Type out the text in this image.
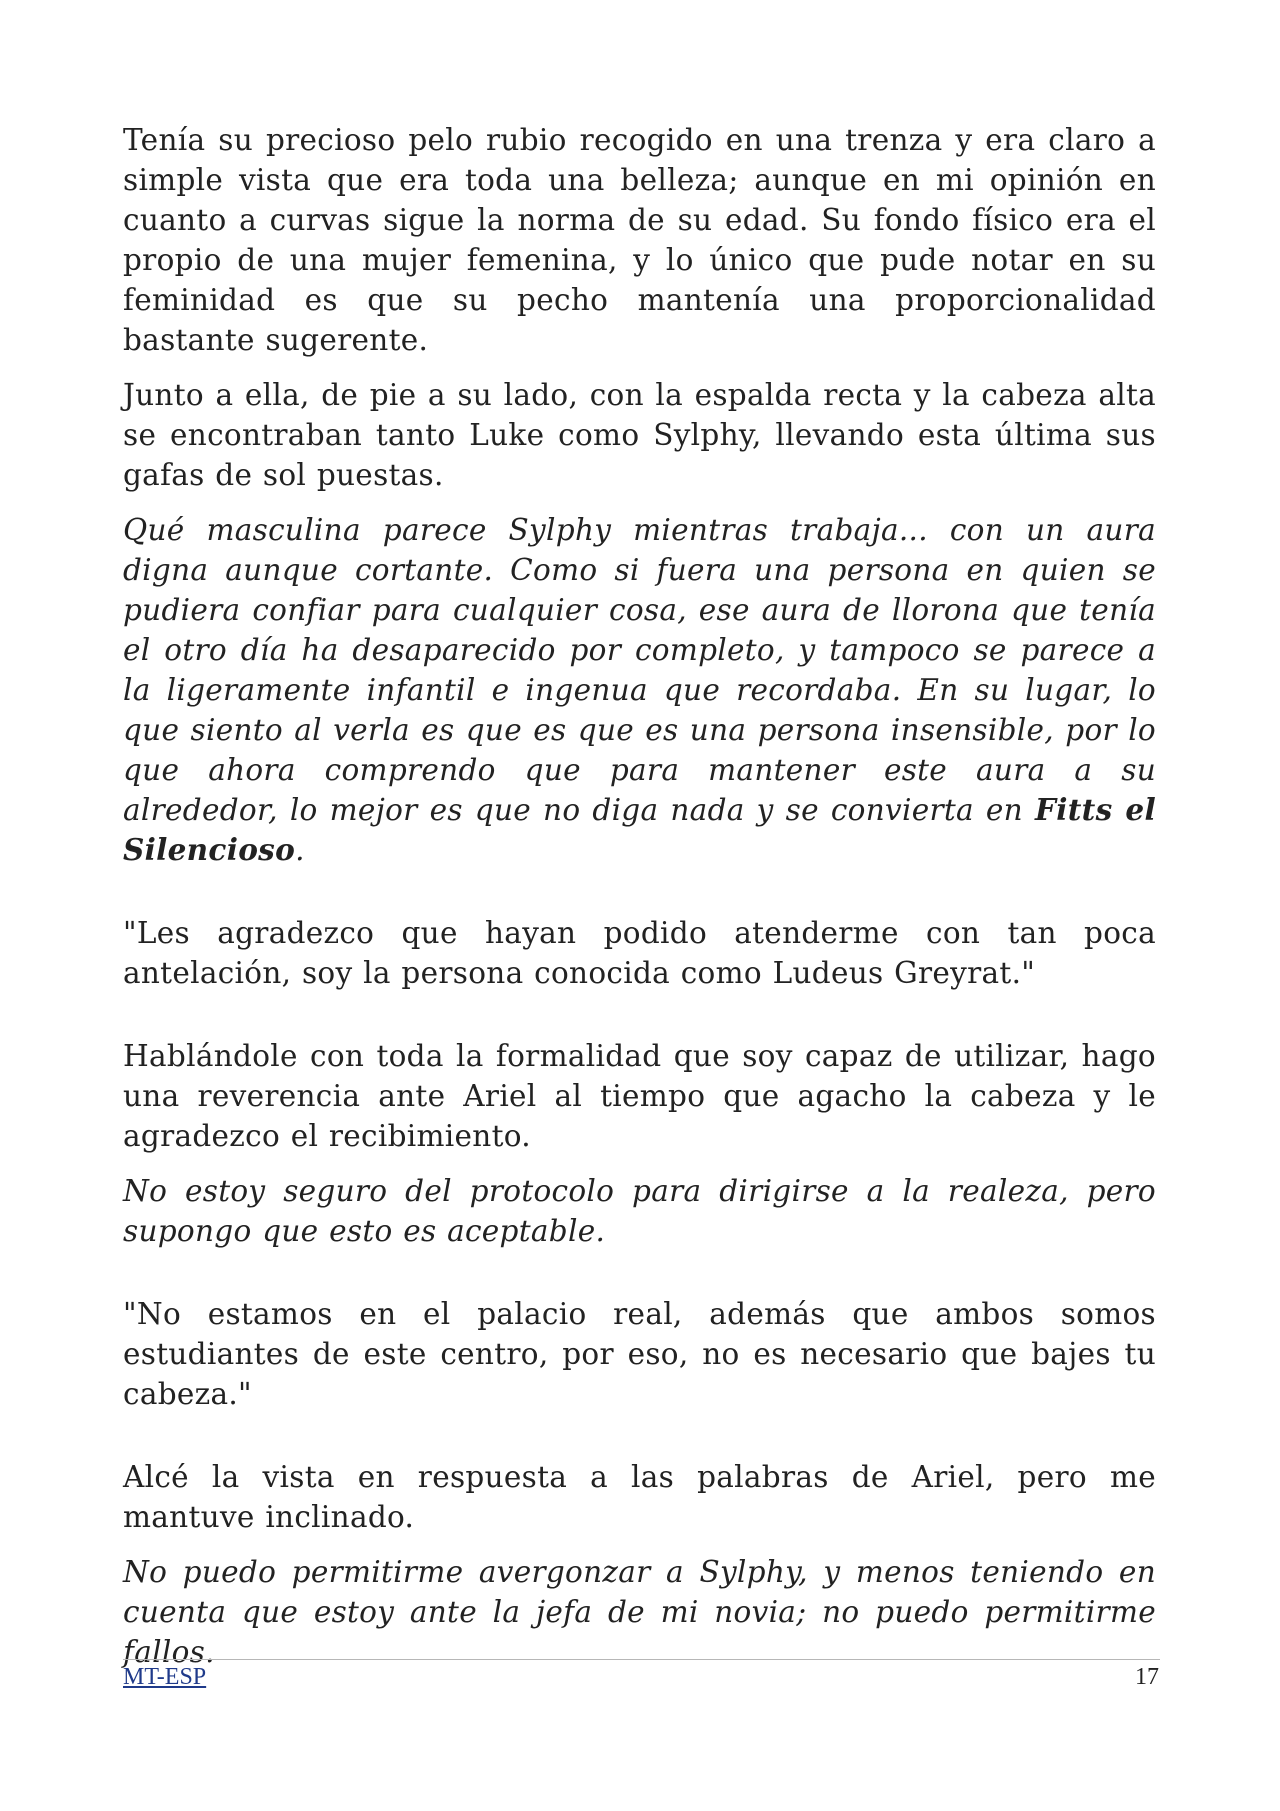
Tenía su precioso pelo rubio recogido en una trenza y era claro a simple vista que era toda una belleza; aunque en mi opinión en cuanto a curvas sigue la norma de su edad. Su fondo físico era el propio de una mujer femenina, y lo único que pude notar en su feminidad es que su pecho mantenía una proporcionalidad bastante sugerente.

Junto a ella, de pie a su lado, con la espalda recta y la cabeza alta se encontraban tanto Luke como Sylphy, llevando esta última sus gafas de sol puestas.

Qué masculina parece Sylphy mientras trabaja... con un aura digna aunque cortante. Como si fuera una persona en quien se pudiera confiar para cualquier cosa, ese aura de llorona que tenía el otro día ha desaparecido por completo, y tampoco se parece a la ligeramente infantil e ingenua que recordaba. En su lugar, lo que siento al verla es que es que es una persona insensible, por lo que ahora comprendo que para mantener este aura a su alrededor, lo mejor es que no diga nada y se convierta en Fitts el Silencioso.

"Les agradezco que hayan podido atenderme con tan poca antelación, soy la persona conocida como Ludeus Greyrat."

Hablándole con toda la formalidad que soy capaz de utilizar, hago una reverencia ante Ariel al tiempo que agacho la cabeza y le agradezco el recibimiento.

No estoy seguro del protocolo para dirigirse a la realeza, pero supongo que esto es aceptable.

"No estamos en el palacio real, además que ambos somos estudiantes de este centro, por eso, no es necesario que bajes tu cabeza."

Alcé la vista en respuesta a las palabras de Ariel, pero me mantuve inclinado.

No puedo permitirme avergonzar a Sylphy, y menos teniendo en cuenta que estoy ante la jefa de mi novia; no puedo permitirme fallos.

MT-ESP	17
